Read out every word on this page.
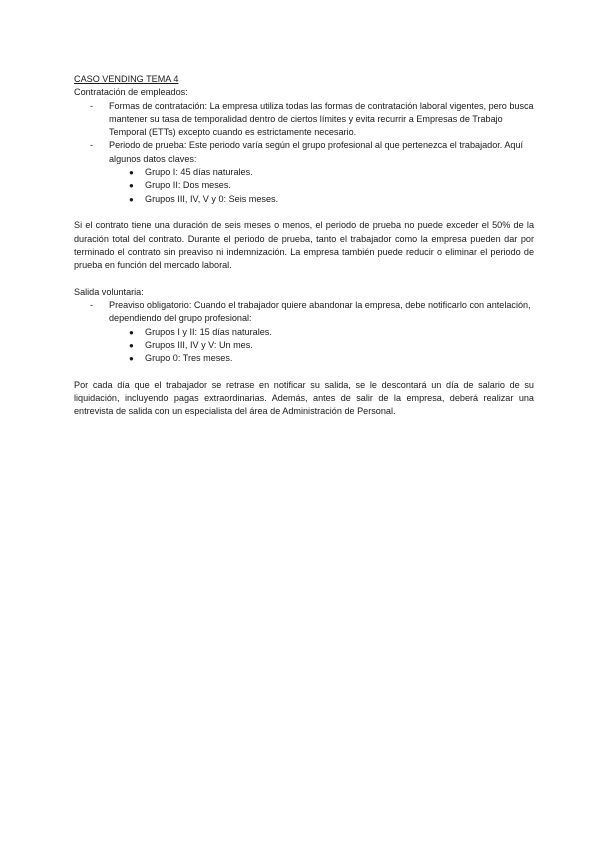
CASO VENDING TEMA 4
Contratación de empleados:
- Formas de contratación: La empresa utiliza todas las formas de contratación laboral vigentes, pero busca mantener su tasa de temporalidad dentro de ciertos límites y evita recurrir a Empresas de Trabajo Temporal (ETTs) excepto cuando es estrictamente necesario.
- Periodo de prueba: Este periodo varía según el grupo profesional al que pertenezca el trabajador. Aquí algunos datos claves:
● Grupo I: 45 días naturales.
● Grupo II: Dos meses.
● Grupos III, IV, V y 0: Seis meses.
Si el contrato tiene una duración de seis meses o menos, el periodo de prueba no puede exceder el 50% de la duración total del contrato. Durante el periodo de prueba, tanto el trabajador como la empresa pueden dar por terminado el contrato sin preaviso ni indemnización. La empresa también puede reducir o eliminar el periodo de prueba en función del mercado laboral.
Salida voluntaria:
- Preaviso obligatorio: Cuando el trabajador quiere abandonar la empresa, debe notificarlo con antelación, dependiendo del grupo profesional:
● Grupos I y II: 15 días naturales.
● Grupos III, IV y V: Un mes.
● Grupo 0: Tres meses.
Por cada día que el trabajador se retrase en notificar su salida, se le descontará un día de salario de su liquidación, incluyendo pagas extraordinarias. Además, antes de salir de la empresa, deberá realizar una entrevista de salida con un especialista del área de Administración de Personal.
